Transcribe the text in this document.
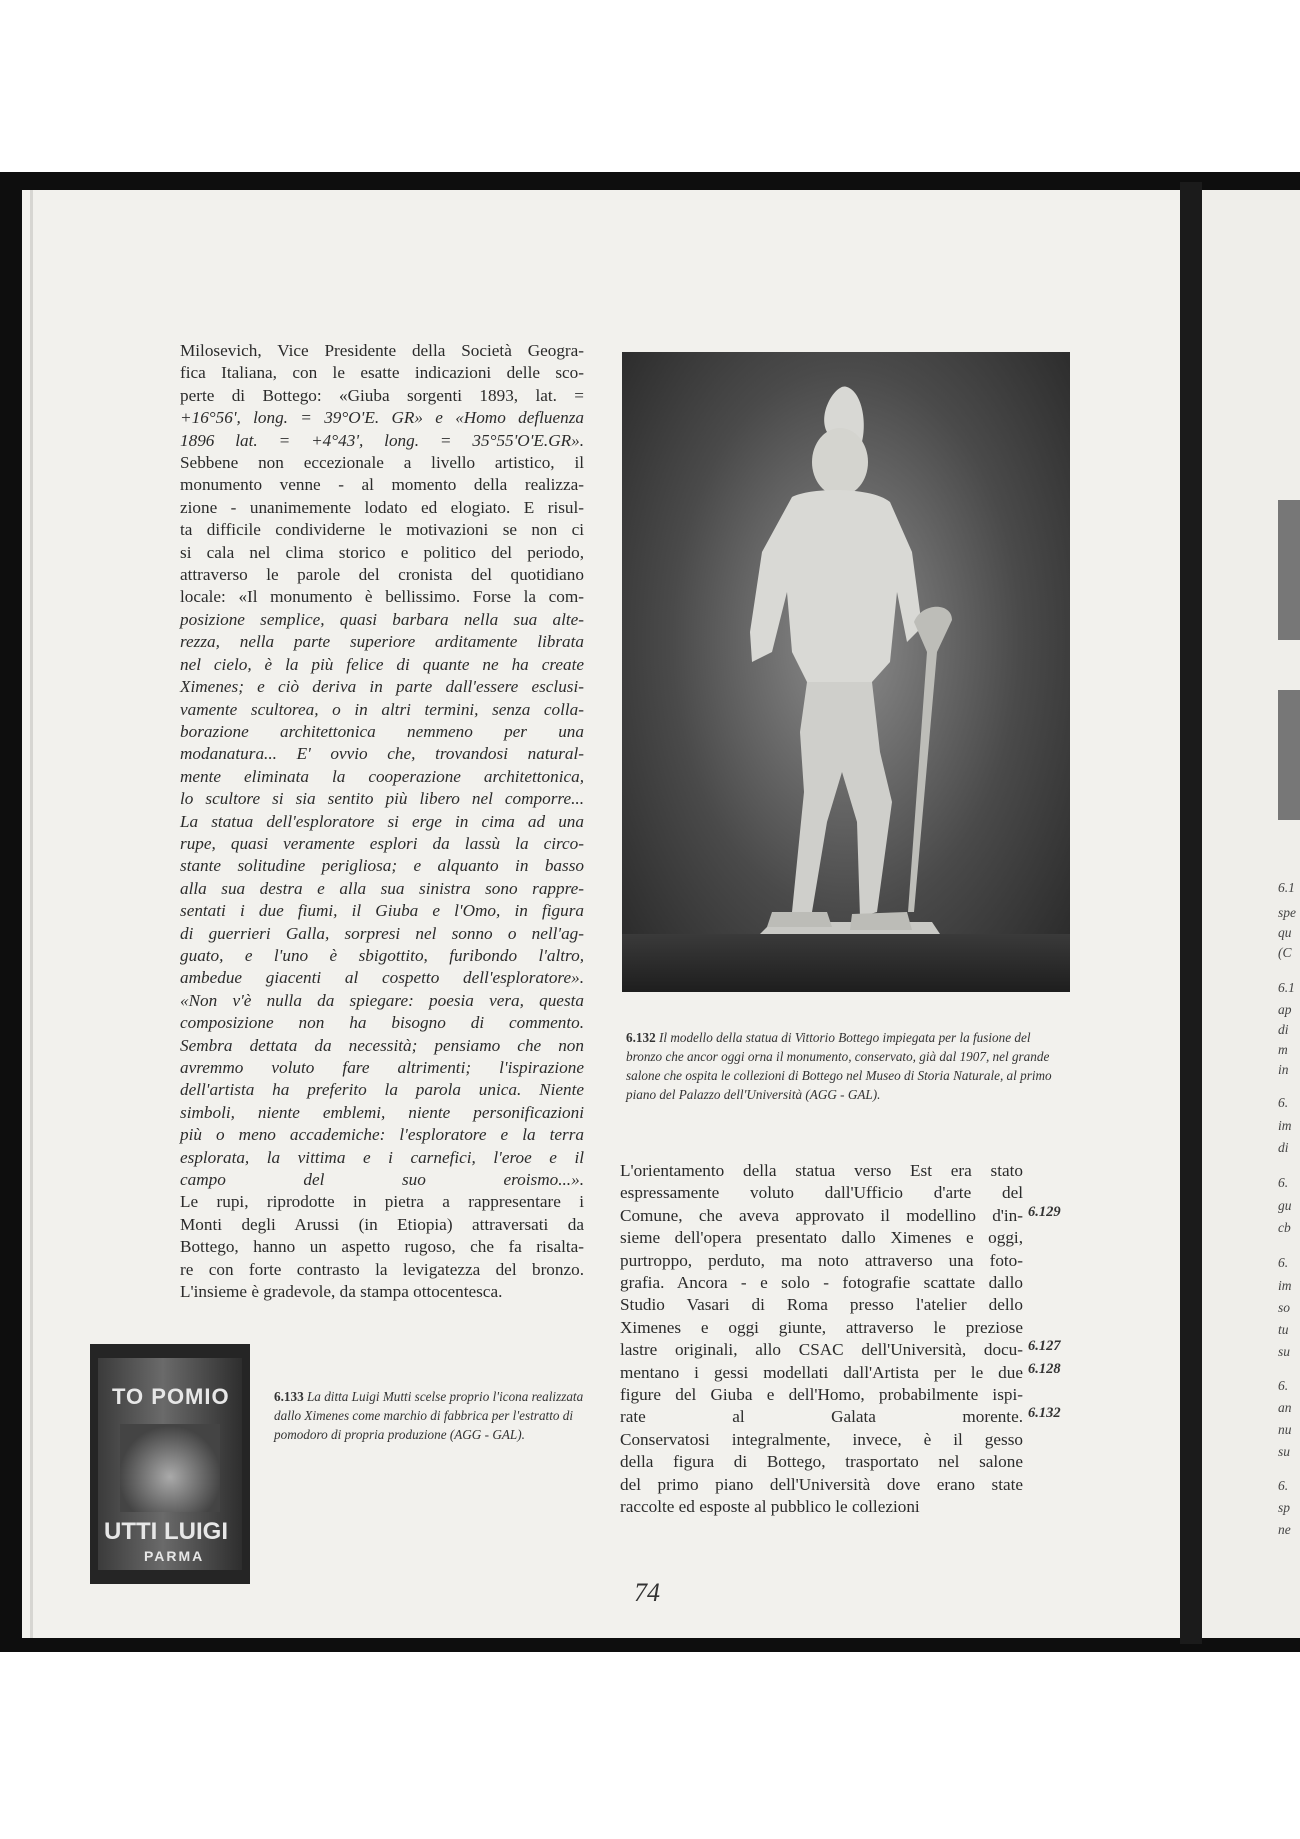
Milosevich, Vice Presidente della Società Geogra-
fica Italiana, con le esatte indicazioni delle sco-
perte di Bottego: «Giuba sorgenti 1893, lat. =
+16°56', long. = 39°O'E. GR» e «Homo defluenza
1896 lat. = +4°43', long. = 35°55'O'E.GR».
Sebbene non eccezionale a livello artistico, il
monumento venne - al momento della realizza-
zione - unanimemente lodato ed elogiato. E risul-
ta difficile condividerne le motivazioni se non ci
si cala nel clima storico e politico del periodo,
attraverso le parole del cronista del quotidiano
locale: «Il monumento è bellissimo. Forse la com-
posizione semplice, quasi barbara nella sua alte-
rezza, nella parte superiore arditamente librata
nel cielo, è la più felice di quante ne ha create
Ximenes; e ciò deriva in parte dall'essere esclusi-
vamente scultorea, o in altri termini, senza colla-
borazione architettonica nemmeno per una
modanatura... E' ovvio che, trovandosi natural-
mente eliminata la cooperazione architettonica,
lo scultore si sia sentito più libero nel comporre...
La statua dell'esploratore si erge in cima ad una
rupe, quasi veramente esplori da lassù la circo-
stante solitudine perigliosa; e alquanto in basso
alla sua destra e alla sua sinistra sono rappre-
sentati i due fiumi, il Giuba e l'Omo, in figura
di guerrieri Galla, sorpresi nel sonno o nell'ag-
guato, e l'uno è sbigottito, furibondo l'altro,
ambedue giacenti al cospetto dell'esploratore».
«Non v'è nulla da spiegare: poesia vera, questa
composizione non ha bisogno di commento.
Sembra dettata da necessità; pensiamo che non
avremmo voluto fare altrimenti; l'ispirazione
dell'artista ha preferito la parola unica. Niente
simboli, niente emblemi, niente personificazioni
più o meno accademiche: l'esploratore e la terra
esplorata, la vittima e i carnefici, l'eroe e il
campo del suo eroismo...».
Le rupi, riprodotte in pietra a rappresentare i
Monti degli Arussi (in Etiopia) attraversati da
Bottego, hanno un aspetto rugoso, che fa risalta-
re con forte contrasto la levigatezza del bronzo.
L'insieme è gradevole, da stampa ottocentesca.

6.132 Il modello della statua di Vittorio Bottego impiegata per la fusione del bronzo che ancor oggi orna il monumento, conservato, già dal 1907, nel grande salone che ospita le collezioni di Bottego nel Museo di Storia Naturale, al primo piano del Palazzo dell'Università (AGG - GAL).

L'orientamento della statua verso Est era stato
espressamente voluto dall'Ufficio d'arte del
Comune, che aveva approvato il modellino d'in-
sieme dell'opera presentato dallo Ximenes e oggi,
purtroppo, perduto, ma noto attraverso una foto-
grafia. Ancora - e solo - fotografie scattate dallo
Studio Vasari di Roma presso l'atelier dello
Ximenes e oggi giunte, attraverso le preziose
lastre originali, allo CSAC dell'Università, docu-
mentano i gessi modellati dall'Artista per le due
figure del Giuba e dell'Homo, probabilmente ispi-
rate al Galata morente.
Conservatosi integralmente, invece, è il gesso
della figura di Bottego, trasportato nel salone
del primo piano dell'Università dove erano state
raccolte ed esposte al pubblico le collezioni
6.129
6.127
6.128
6.132
TO POMIO
UTTI LUIGI
PARMA

6.133 La ditta Luigi Mutti scelse proprio l'icona realizzata dallo Ximenes come marchio di fabbrica per l'estratto di pomodoro di propria produzione (AGG - GAL).

74
6.1
spe
qu
(C
6.1
ap
di
m
in
6.
im
di
6.
gu
cb
6.
im
so
tu
su
6.
an
nu
su
6.
sp
ne
